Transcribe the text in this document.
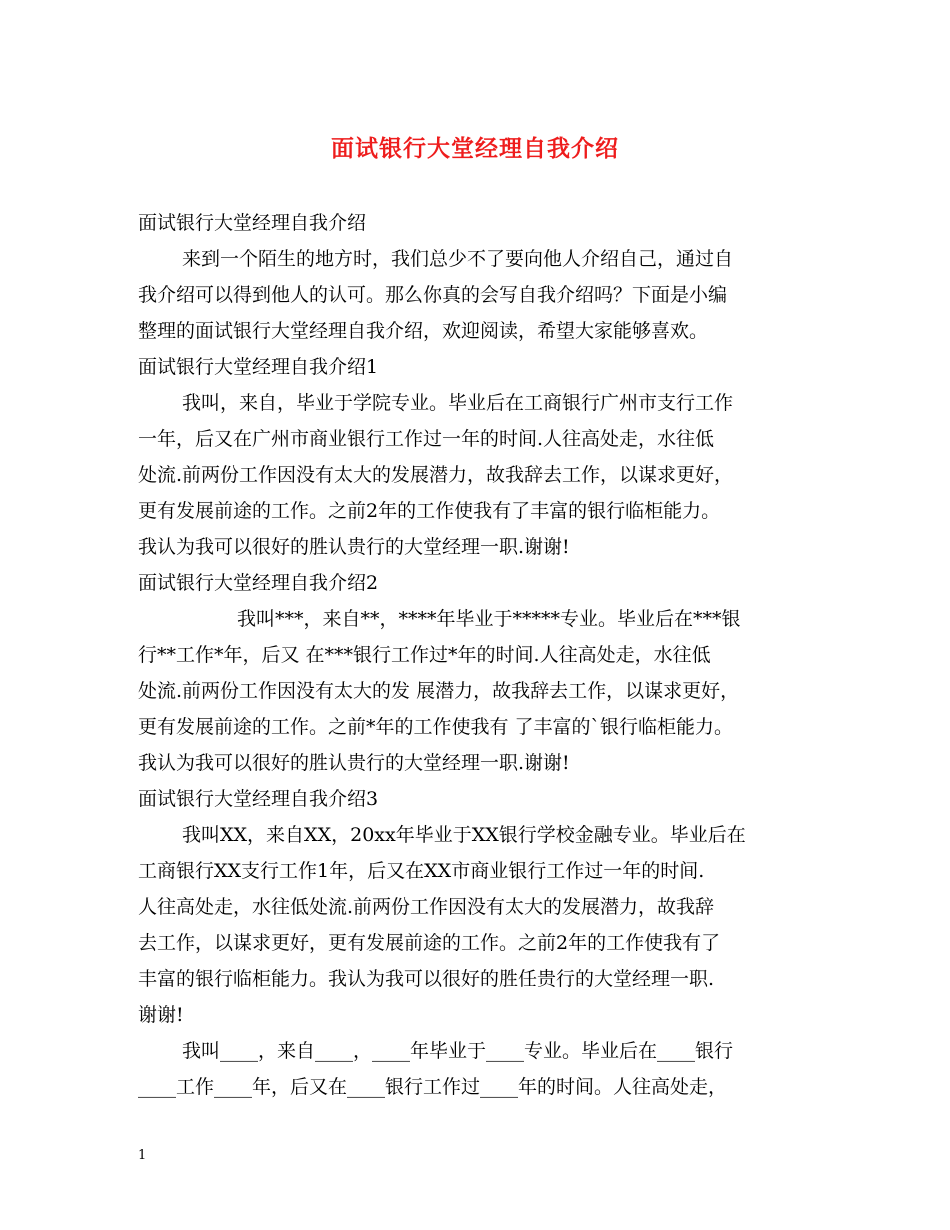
面试银行大堂经理自我介绍
面试银行大堂经理自我介绍
来到一个陌生的地方时，我们总少不了要向他人介绍自己，通过自
我介绍可以得到他人的认可。那么你真的会写自我介绍吗？下面是小编
整理的面试银行大堂经理自我介绍，欢迎阅读，希望大家能够喜欢。
面试银行大堂经理自我介绍1
我叫，来自，毕业于学院专业。毕业后在工商银行广州市支行工作
一年，后又在广州市商业银行工作过一年的时间.人往高处走，水往低
处流.前两份工作因没有太大的发展潜力，故我辞去工作，以谋求更好，
更有发展前途的工作。之前2年的工作使我有了丰富的银行临柜能力。
我认为我可以很好的胜认贵行的大堂经理一职.谢谢!
面试银行大堂经理自我介绍2
我叫***，来自**，****年毕业于*****专业。毕业后在***银
行**工作*年，后又 在***银行工作过*年的时间.人往高处走，水往低
处流.前两份工作因没有太大的发 展潜力，故我辞去工作，以谋求更好，
更有发展前途的工作。之前*年的工作使我有 了丰富的`银行临柜能力。
我认为我可以很好的胜认贵行的大堂经理一职.谢谢!
面试银行大堂经理自我介绍3
我叫XX，来自XX，20xx年毕业于XX银行学校金融专业。毕业后在
工商银行XX支行工作1年，后又在XX市商业银行工作过一年的时间.
人往高处走，水往低处流.前两份工作因没有太大的发展潜力，故我辞
去工作，以谋求更好，更有发展前途的工作。之前2年的工作使我有了
丰富的银行临柜能力。我认为我可以很好的胜任贵行的大堂经理一职.
谢谢!
我叫____，来自____，____年毕业于____专业。毕业后在____银行
____工作____年，后又在____银行工作过____年的时间。人往高处走，
1
